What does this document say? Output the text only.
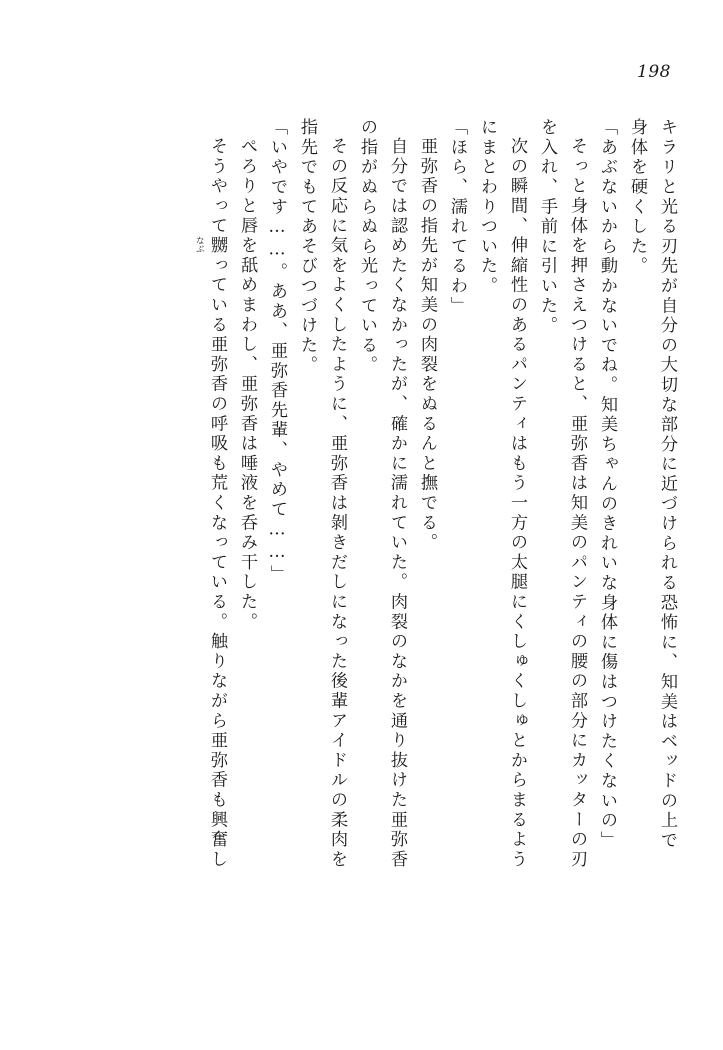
198
キラリと光る刃先が自分の大切な部分に近づけられる恐怖に、知美はベッドの上で
身体を硬くした。
「あぶないから動かないでね。知美ちゃんのきれいな身体に傷はつけたくないの」
そっと身体を押さえつけると、亜弥香は知美のパンティの腰の部分にカッターの刃
を入れ、手前に引いた。
次の瞬間、伸縮性のあるパンティはもう一方の太腿にくしゅくしゅとからまるよう
にまとわりついた。
「ほら、濡れてるわ」
亜弥香の指先が知美の肉裂をぬるんと撫でる。
自分では認めたくなかったが、確かに濡れていた。肉裂のなかを通り抜けた亜弥香
の指がぬらぬら光っている。
その反応に気をよくしたように、亜弥香は剝きだしになった後輩アイドルの柔肉を
指先でもてあそびつづけた。
「いやです……。ああ、亜弥香先輩、やめて……」
ぺろりと唇を舐めまわし、亜弥香は唾液を呑み干した。
そうやって嬲
なぶ
っている亜弥香の呼吸も荒くなっている。触りながら亜弥香も興奮し
